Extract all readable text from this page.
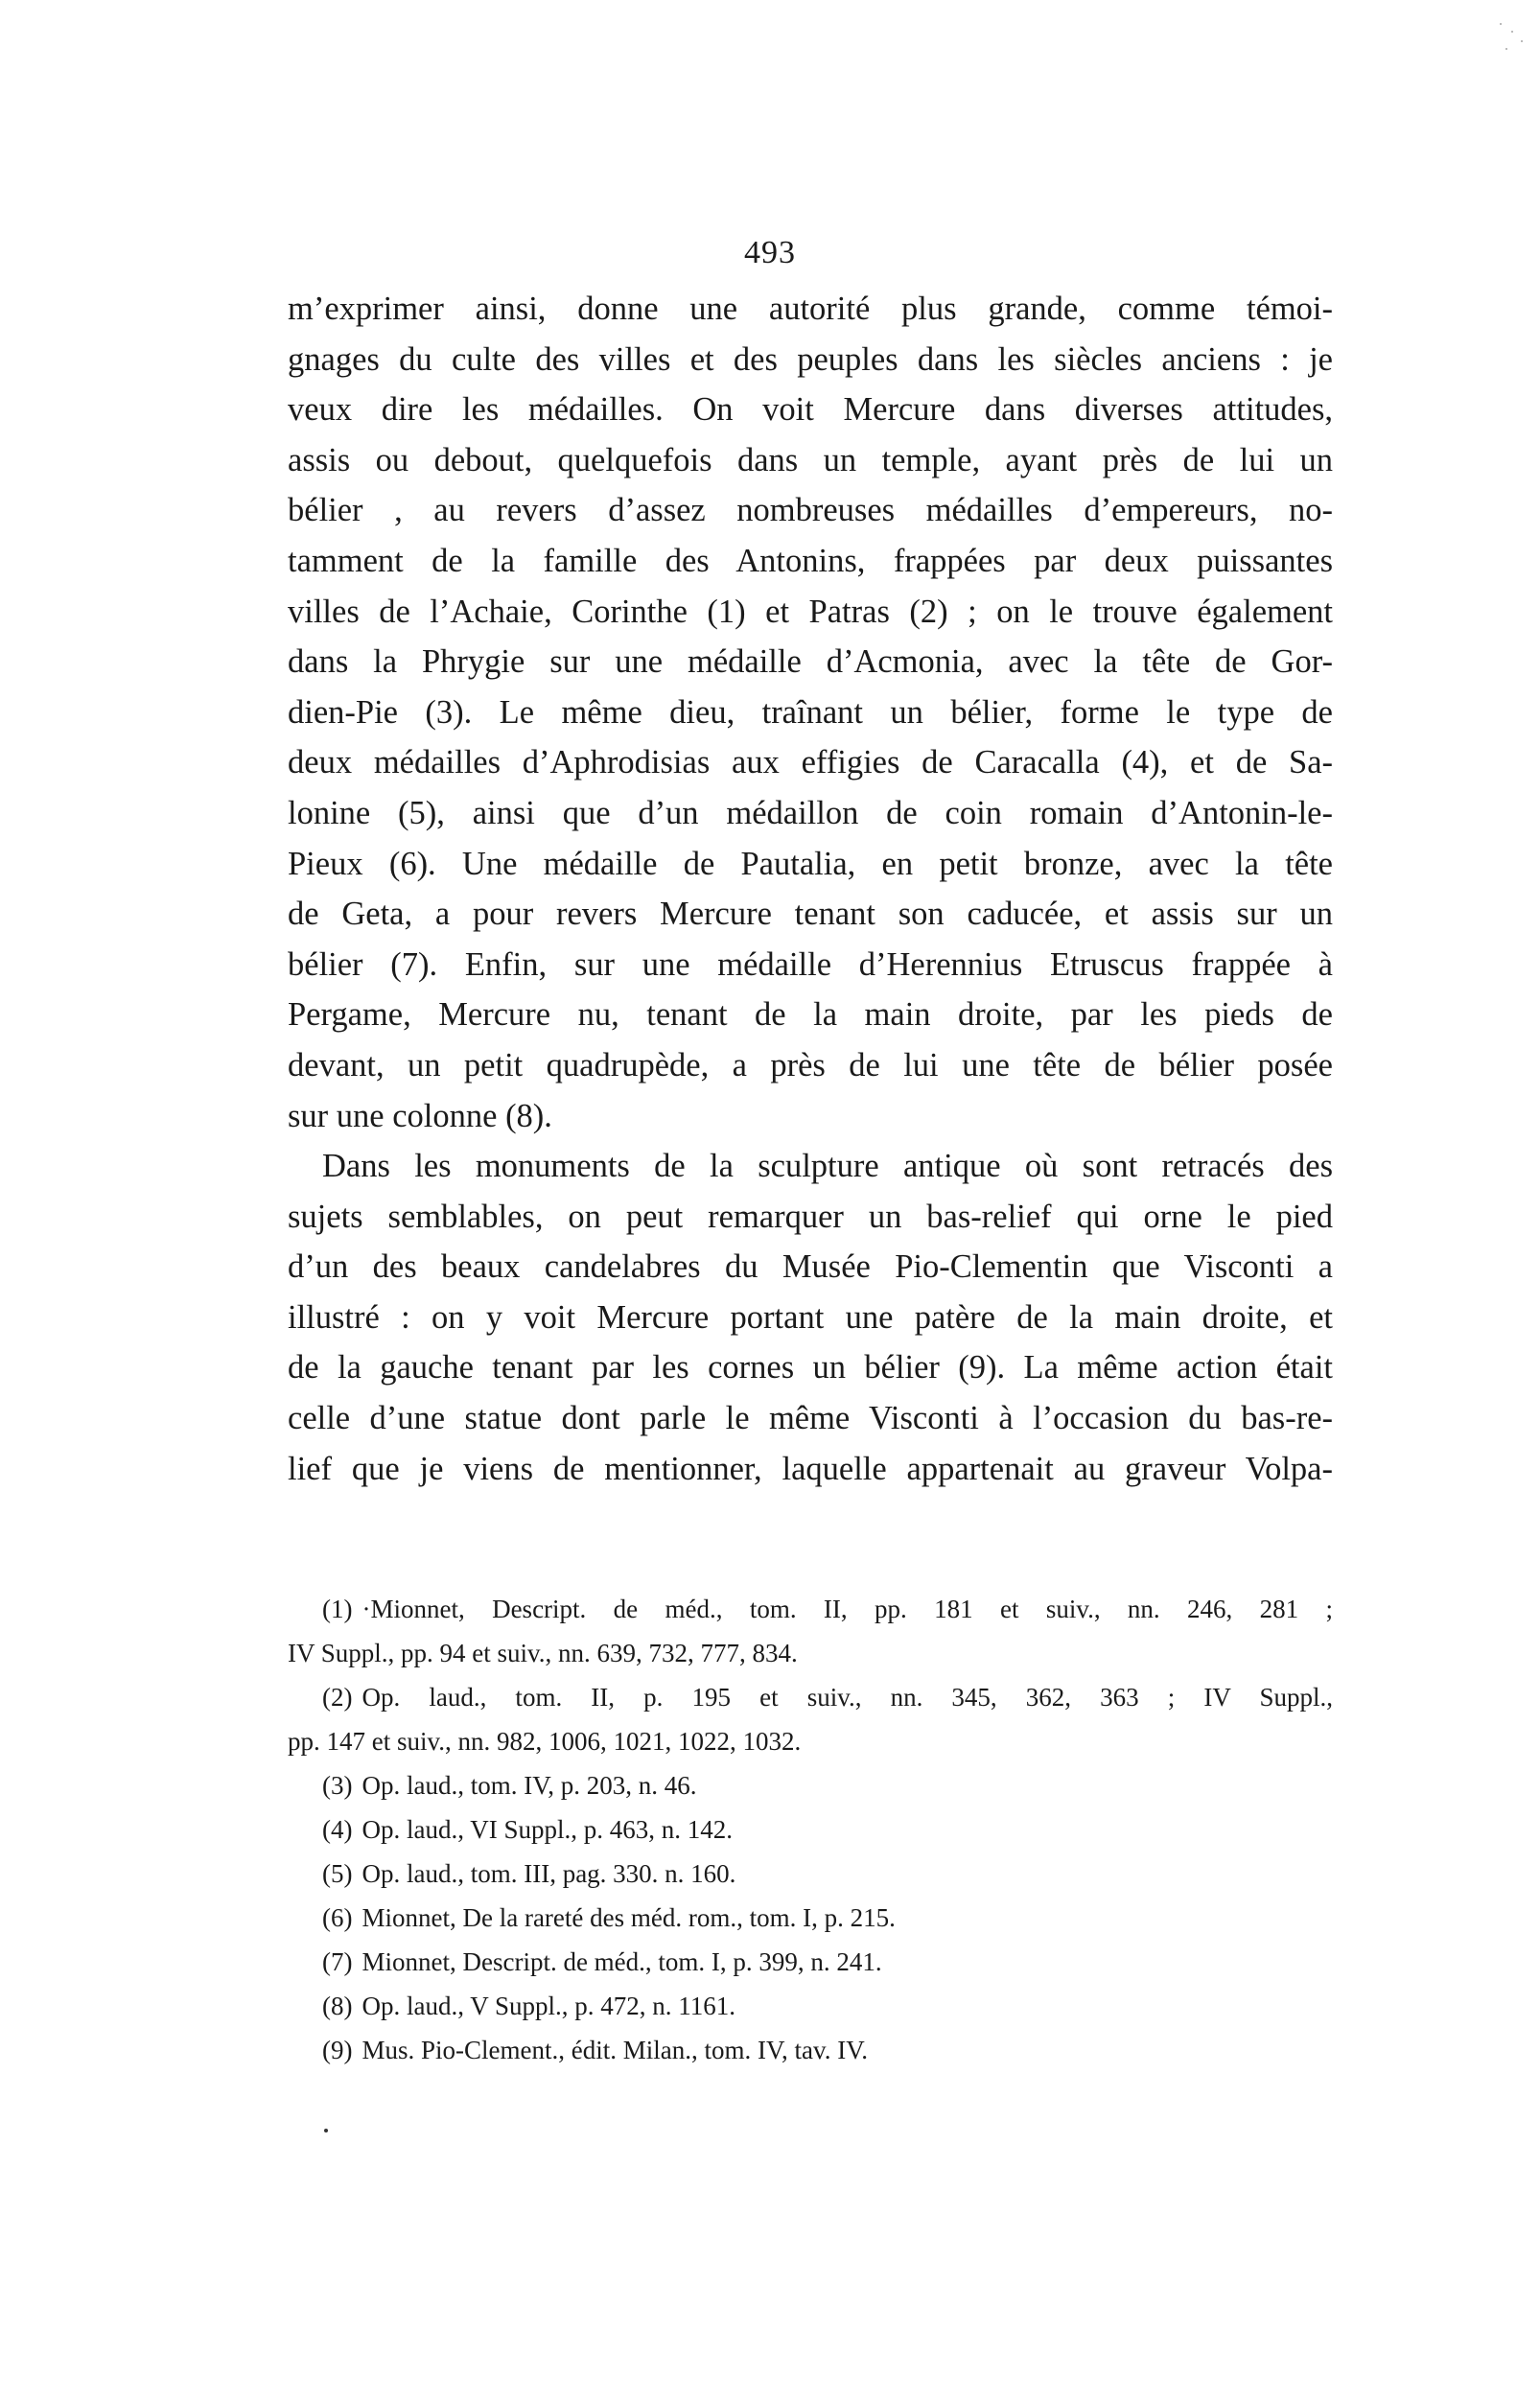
493

m’exprimer ainsi, donne une autorité plus grande, comme témoi-
gnages du culte des villes et des peuples dans les siècles anciens : je
veux dire les médailles. On voit Mercure dans diverses attitudes,
assis ou debout, quelquefois dans un temple, ayant près de lui un
bélier , au revers d’assez nombreuses médailles d’empereurs, no-
tamment de la famille des Antonins, frappées par deux puissantes
villes de l’Achaie, Corinthe (1) et Patras (2) ; on le trouve également
dans la Phrygie sur une médaille d’Acmonia, avec la tête de Gor-
dien-Pie (3). Le même dieu, traînant un bélier, forme le type de
deux médailles d’Aphrodisias aux effigies de Caracalla (4), et de Sa-
lonine (5), ainsi que d’un médaillon de coin romain d’Antonin-le-
Pieux (6). Une médaille de Pautalia, en petit bronze, avec la tête
de Geta, a pour revers Mercure tenant son caducée, et assis sur un
bélier (7). Enfin, sur une médaille d’Herennius Etruscus frappée à
Pergame, Mercure nu, tenant de la main droite, par les pieds de
devant, un petit quadrupède, a près de lui une tête de bélier posée
sur une colonne (8).

Dans les monuments de la sculpture antique où sont retracés des
sujets semblables, on peut remarquer un bas-relief qui orne le pied
d’un des beaux candelabres du Musée Pio-Clementin que Visconti a
illustré : on y voit Mercure portant une patère de la main droite, et
de la gauche tenant par les cornes un bélier (9). La même action était
celle d’une statue dont parle le même Visconti à l’occasion du bas-re-
lief que je viens de mentionner, laquelle appartenait au graveur Volpa-

(1) ·Mionnet, Descript. de méd., tom. II, pp. 181 et suiv., nn. 246, 281 ;
IV Suppl., pp. 94 et suiv., nn. 639, 732, 777, 834.
(2) Op. laud., tom. II, p. 195 et suiv., nn. 345, 362, 363 ; IV Suppl.,
pp. 147 et suiv., nn. 982, 1006, 1021, 1022, 1032.
(3) Op. laud., tom. IV, p. 203, n. 46.
(4) Op. laud., VI Suppl., p. 463, n. 142.
(5) Op. laud., tom. III, pag. 330. n. 160.
(6) Mionnet, De la rareté des méd. rom., tom. I, p. 215.
(7) Mionnet, Descript. de méd., tom. I, p. 399, n. 241.
(8) Op. laud., V Suppl., p. 472, n. 1161.
(9) Mus. Pio-Clement., édit. Milan., tom. IV, tav. IV.
